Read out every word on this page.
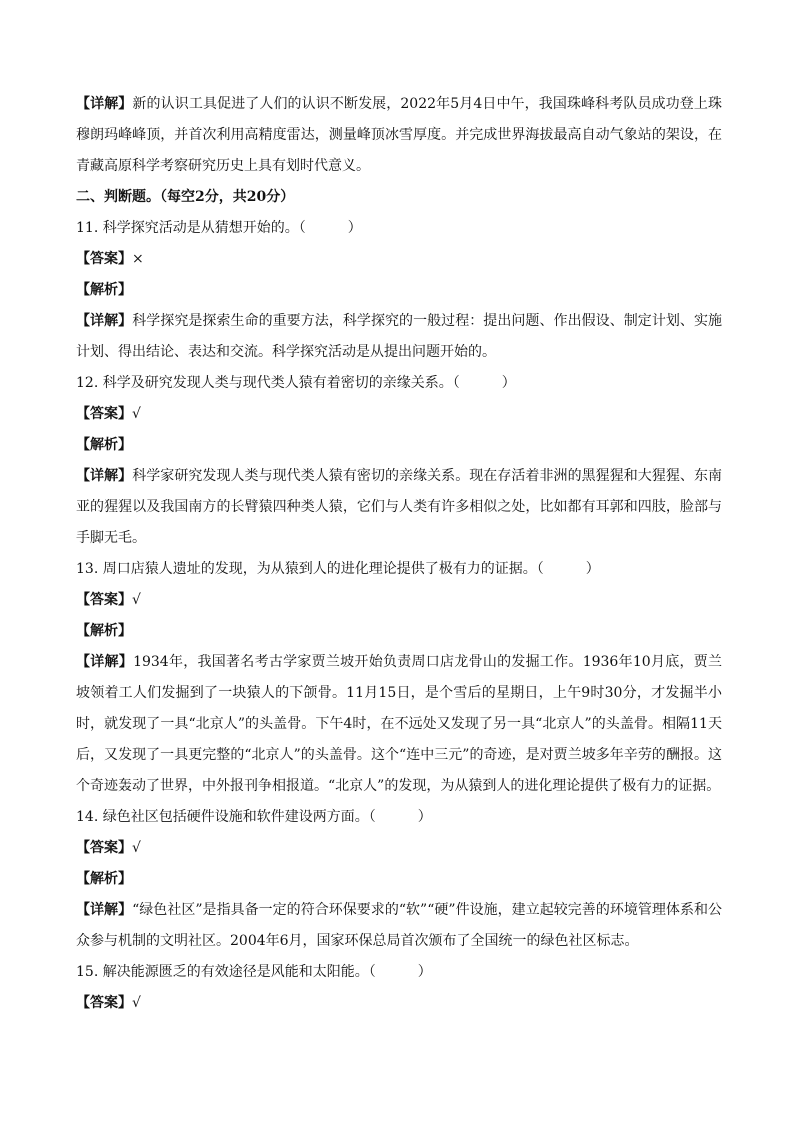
【详解】新的认识工具促进了人们的认识不断发展，2022年5月4日中午，我国珠峰科考队员成功登上珠穆朗玛峰峰顶，并首次利用高精度雷达，测量峰顶冰雪厚度。并完成世界海拔最高自动气象站的架设，在青藏高原科学考察研究历史上具有划时代意义。

二、判断题。（每空2分，共20分）

11. 科学探究活动是从猜想开始的。（　　　）

【答案】×

【解析】

【详解】科学探究是探索生命的重要方法，科学探究的一般过程：提出问题、作出假设、制定计划、实施计划、得出结论、表达和交流。科学探究活动是从提出问题开始的。

12. 科学及研究发现人类与现代类人猿有着密切的亲缘关系。（　　　）

【答案】√

【解析】

【详解】科学家研究发现人类与现代类人猿有密切的亲缘关系。现在存活着非洲的黑猩猩和大猩猩、东南亚的猩猩以及我国南方的长臂猿四种类人猿，它们与人类有许多相似之处，比如都有耳郭和四肢，脸部与手脚无毛。

13. 周口店猿人遗址的发现，为从猿到人的进化理论提供了极有力的证据。（　　　）

【答案】√

【解析】

【详解】1934年，我国著名考古学家贾兰坡开始负责周口店龙骨山的发掘工作。1936年10月底，贾兰坡领着工人们发掘到了一块猿人的下颌骨。11月15日，是个雪后的星期日，上午9时30分，才发掘半小时，就发现了一具“北京人”的头盖骨。下午4时，在不远处又发现了另一具“北京人”的头盖骨。相隔11天后，又发现了一具更完整的“北京人”的头盖骨。这个“连中三元”的奇迹，是对贾兰坡多年辛劳的酬报。这个奇迹轰动了世界，中外报刊争相报道。“北京人”的发现，为从猿到人的进化理论提供了极有力的证据。

14. 绿色社区包括硬件设施和软件建设两方面。（　　　）

【答案】√

【解析】

【详解】“绿色社区”是指具备一定的符合环保要求的“软”“硬”件设施，建立起较完善的环境管理体系和公众参与机制的文明社区。2004年6月，国家环保总局首次颁布了全国统一的绿色社区标志。

15. 解决能源匮乏的有效途径是风能和太阳能。（　　　）

【答案】√
